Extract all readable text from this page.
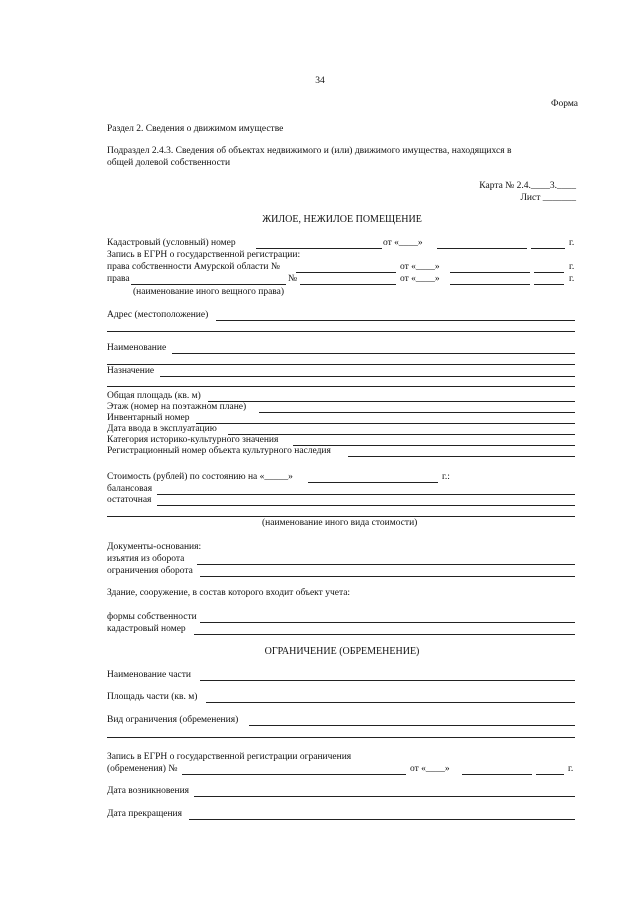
34
Форма
Раздел 2. Сведения о движимом имуществе
Подраздел 2.4.3. Сведения об объектах недвижимого и (или) движимого имущества, находящихся в
общей долевой собственности
Карта № 2.4.____3.____
Лист _______
ЖИЛОЕ, НЕЖИЛОЕ ПОМЕЩЕНИЕ
Кадастровый (условный) номер	от «____»	г.
Запись в ЕГРН о государственной регистрации:
права собственности Амурской области №	от «____»	г.
права	№	от «____»	г.
(наименование иного вещного права)
Адрес (местоположение)
Наименование
Назначение
Общая площадь (кв. м)
Этаж (номер на поэтажном плане)
Инвентарный номер
Дата ввода в эксплуатацию
Категория историко-культурного значения
Регистрационный номер объекта культурного наследия
Стоимость (рублей) по состоянию на «_____»	г.:
балансовая
остаточная
(наименование иного вида стоимости)
Документы-основания:
изъятия из оборота
ограничения оборота
Здание, сооружение, в состав которого входит объект учета:
формы собственности
кадастровый номер
ОГРАНИЧЕНИЕ (ОБРЕМЕНЕНИЕ)
Наименование части
Площадь части (кв. м)
Вид ограничения (обременения)
Запись в ЕГРН о государственной регистрации ограничения
(обременения) №	от «____»	г.
Дата возникновения
Дата прекращения
